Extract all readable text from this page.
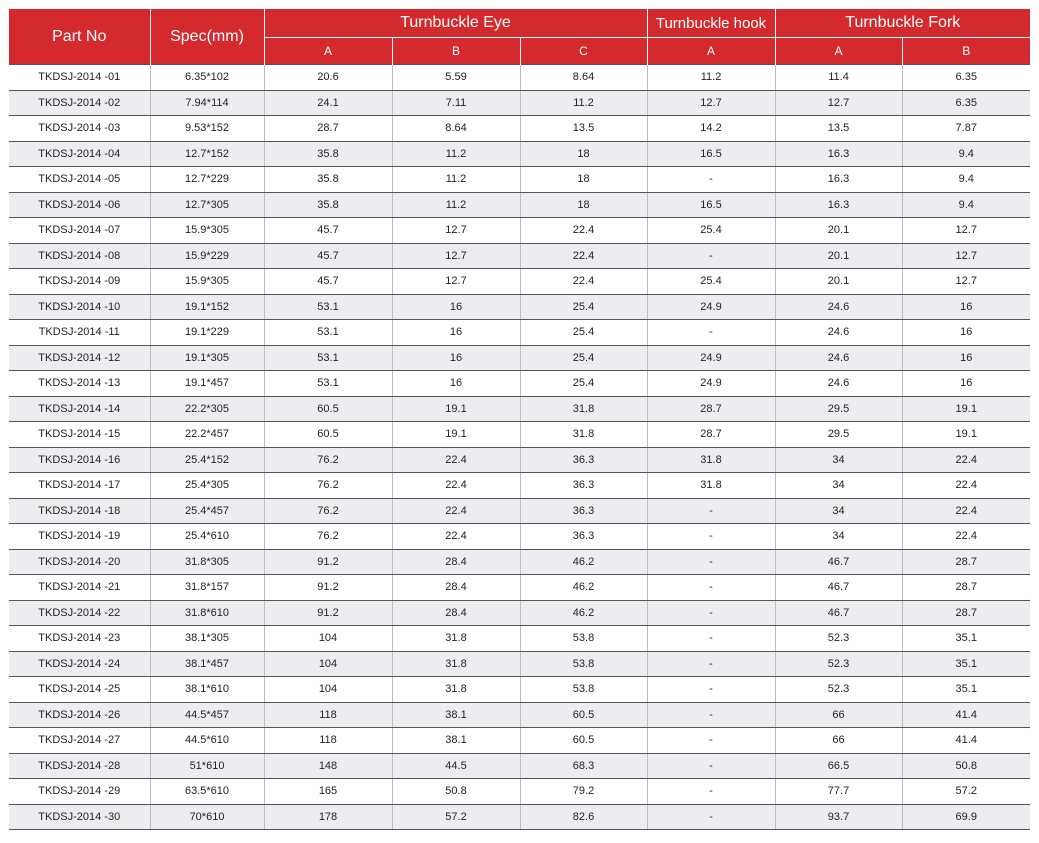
Part No	Spec(mm)	Turnbuckle Eye			Turnbuckle hook	Turnbuckle Fork	
		A	B	C	A	A	B
TKDSJ-2014 -01	6.35*102	20.6	5.59	8.64	11.2	11.4	6.35
TKDSJ-2014 -02	7.94*114	24.1	7.11	11.2	12.7	12.7	6.35
TKDSJ-2014 -03	9.53*152	28.7	8.64	13.5	14.2	13.5	7.87
TKDSJ-2014 -04	12.7*152	35.8	11.2	18	16.5	16.3	9.4
TKDSJ-2014 -05	12.7*229	35.8	11.2	18	-	16.3	9.4
TKDSJ-2014 -06	12.7*305	35.8	11.2	18	16.5	16.3	9.4
TKDSJ-2014 -07	15.9*305	45.7	12.7	22.4	25.4	20.1	12.7
TKDSJ-2014 -08	15.9*229	45.7	12.7	22.4	-	20.1	12.7
TKDSJ-2014 -09	15.9*305	45.7	12.7	22.4	25.4	20.1	12.7
TKDSJ-2014 -10	19.1*152	53.1	16	25.4	24.9	24.6	16
TKDSJ-2014 -11	19.1*229	53.1	16	25.4	-	24.6	16
TKDSJ-2014 -12	19.1*305	53.1	16	25.4	24.9	24.6	16
TKDSJ-2014 -13	19.1*457	53.1	16	25.4	24.9	24.6	16
TKDSJ-2014 -14	22.2*305	60.5	19.1	31.8	28.7	29.5	19.1
TKDSJ-2014 -15	22.2*457	60.5	19.1	31.8	28.7	29.5	19.1
TKDSJ-2014 -16	25.4*152	76.2	22.4	36.3	31.8	34	22.4
TKDSJ-2014 -17	25.4*305	76.2	22.4	36.3	31.8	34	22.4
TKDSJ-2014 -18	25.4*457	76.2	22.4	36.3	-	34	22.4
TKDSJ-2014 -19	25.4*610	76.2	22.4	36.3	-	34	22.4
TKDSJ-2014 -20	31.8*305	91.2	28.4	46.2	-	46.7	28.7
TKDSJ-2014 -21	31.8*157	91.2	28.4	46.2	-	46.7	28.7
TKDSJ-2014 -22	31.8*610	91.2	28.4	46.2	-	46.7	28.7
TKDSJ-2014 -23	38.1*305	104	31.8	53.8	-	52.3	35.1
TKDSJ-2014 -24	38.1*457	104	31.8	53.8	-	52.3	35.1
TKDSJ-2014 -25	38.1*610	104	31.8	53.8	-	52.3	35.1
TKDSJ-2014 -26	44.5*457	118	38.1	60.5	-	66	41.4
TKDSJ-2014 -27	44.5*610	118	38.1	60.5	-	66	41.4
TKDSJ-2014 -28	51*610	148	44.5	68.3	-	66.5	50.8
TKDSJ-2014 -29	63.5*610	165	50.8	79.2	-	77.7	57.2
TKDSJ-2014 -30	70*610	178	57.2	82.6	-	93.7	69.9
